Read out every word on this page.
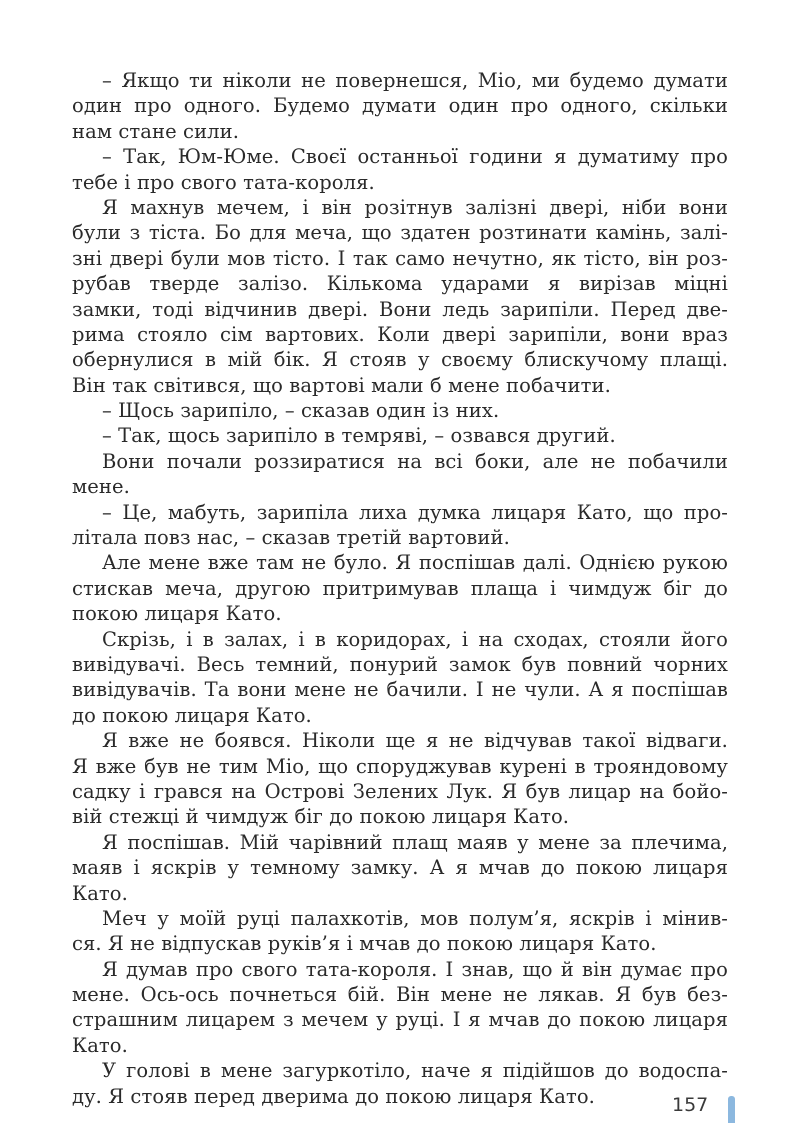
– Якщо ти ніколи не повернешся, Міо, ми будемо думати
один про одного. Будемо думати один про одного, скільки
нам стане сили.
– Так, Юм-Юме. Своєї останньої години я думатиму про
тебе і про свого тата-короля.
Я махнув мечем, і він розітнув залізні двері, ніби вони
були з тіста. Бо для меча, що здатен розтинати камінь, залі-
зні двері були мов тісто. І так само нечутно, як тісто, він роз-
рубав тверде залізо. Кількома ударами я вирізав міцні
замки, тоді відчинив двері. Вони ледь зарипіли. Перед две-
рима стояло сім вартових. Коли двері зарипіли, вони враз
обернулися в мій бік. Я стояв у своєму блискучому плащі.
Він так світився, що вартові мали б мене побачити.
– Щось зарипіло, – сказав один із них.
– Так, щось зарипіло в темряві, – озвався другий.
Вони почали роззиратися на всі боки, але не побачили
мене.
– Це, мабуть, зарипіла лиха думка лицаря Като, що про-
літала повз нас, – сказав третій вартовий.
Але мене вже там не було. Я поспішав далі. Однією рукою
стискав меча, другою притримував плаща і чимдуж біг до
покою лицаря Като.
Скрізь, і в залах, і в коридорах, і на сходах, стояли його
вивідувачі. Весь темний, понурий замок був повний чорних
вивідувачів. Та вони мене не бачили. І не чули. А я поспішав
до покою лицаря Като.
Я вже не боявся. Ніколи ще я не відчував такої відваги.
Я вже був не тим Міо, що споруджував курені в трояндовому
садку і грався на Острові Зелених Лук. Я був лицар на бойо-
вій стежці й чимдуж біг до покою лицаря Като.
Я поспішав. Мій чарівний плащ маяв у мене за плечима,
маяв і яскрів у темному замку. А я мчав до покою лицаря
Като.
Меч у моїй руці палахкотів, мов полум’я, яскрів і мінив-
ся. Я не відпускав руків’я і мчав до покою лицаря Като.
Я думав про свого тата-короля. І знав, що й він думає про
мене. Ось-ось почнеться бій. Він мене не лякав. Я був без-
страшним лицарем з мечем у руці. І я мчав до покою лицаря
Като.
У голові в мене загуркотіло, наче я підійшов до водоспа-
ду. Я стояв перед дверима до покою лицаря Като.	157
